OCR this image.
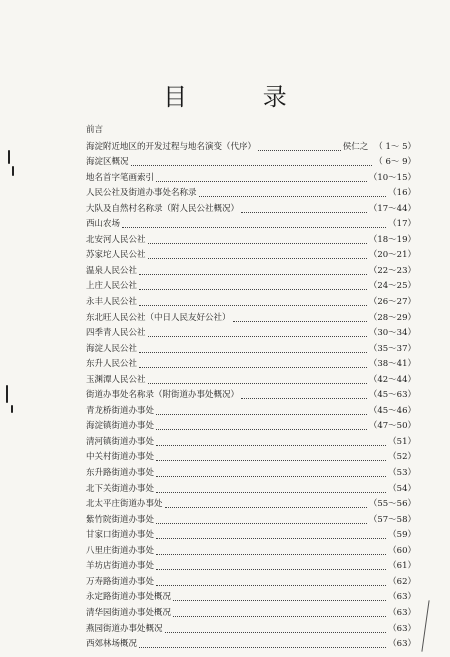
目 录
前言
海淀附近地区的开发过程与地名演变（代序）	侯仁之 （ 1～ 5）
海淀区概况	（ 6～ 9）
地名首字笔画索引	（10～15）
人民公社及街道办事处名称录	（16）
大队及自然村名称录（附人民公社概况）	（17～44）
西山农场	（17）
北安河人民公社	（18～19）
苏家坨人民公社	（20～21）
温泉人民公社	（22～23）
上庄人民公社	（24～25）
永丰人民公社	（26～27）
东北旺人民公社（中日人民友好公社）	（28～29）
四季青人民公社	（30～34）
海淀人民公社	（35～37）
东升人民公社	（38～41）
玉渊潭人民公社	（42～44）
街道办事处名称录（附街道办事处概况）	（45～63）
青龙桥街道办事处	（45～46）
海淀镇街道办事处	（47～50）
清河镇街道办事处	（51）
中关村街道办事处	（52）
东升路街道办事处	（53）
北下关街道办事处	（54）
北太平庄街道办事处	（55～56）
紫竹院街道办事处	（57～58）
甘家口街道办事处	（59）
八里庄街道办事处	（60）
羊坊店街道办事处	（61）
万寿路街道办事处	（62）
永定路街道办事处概况	（63）
清华园街道办事处概况	（63）
燕园街道办事处概况	（63）
西郊林场概况	（63）
